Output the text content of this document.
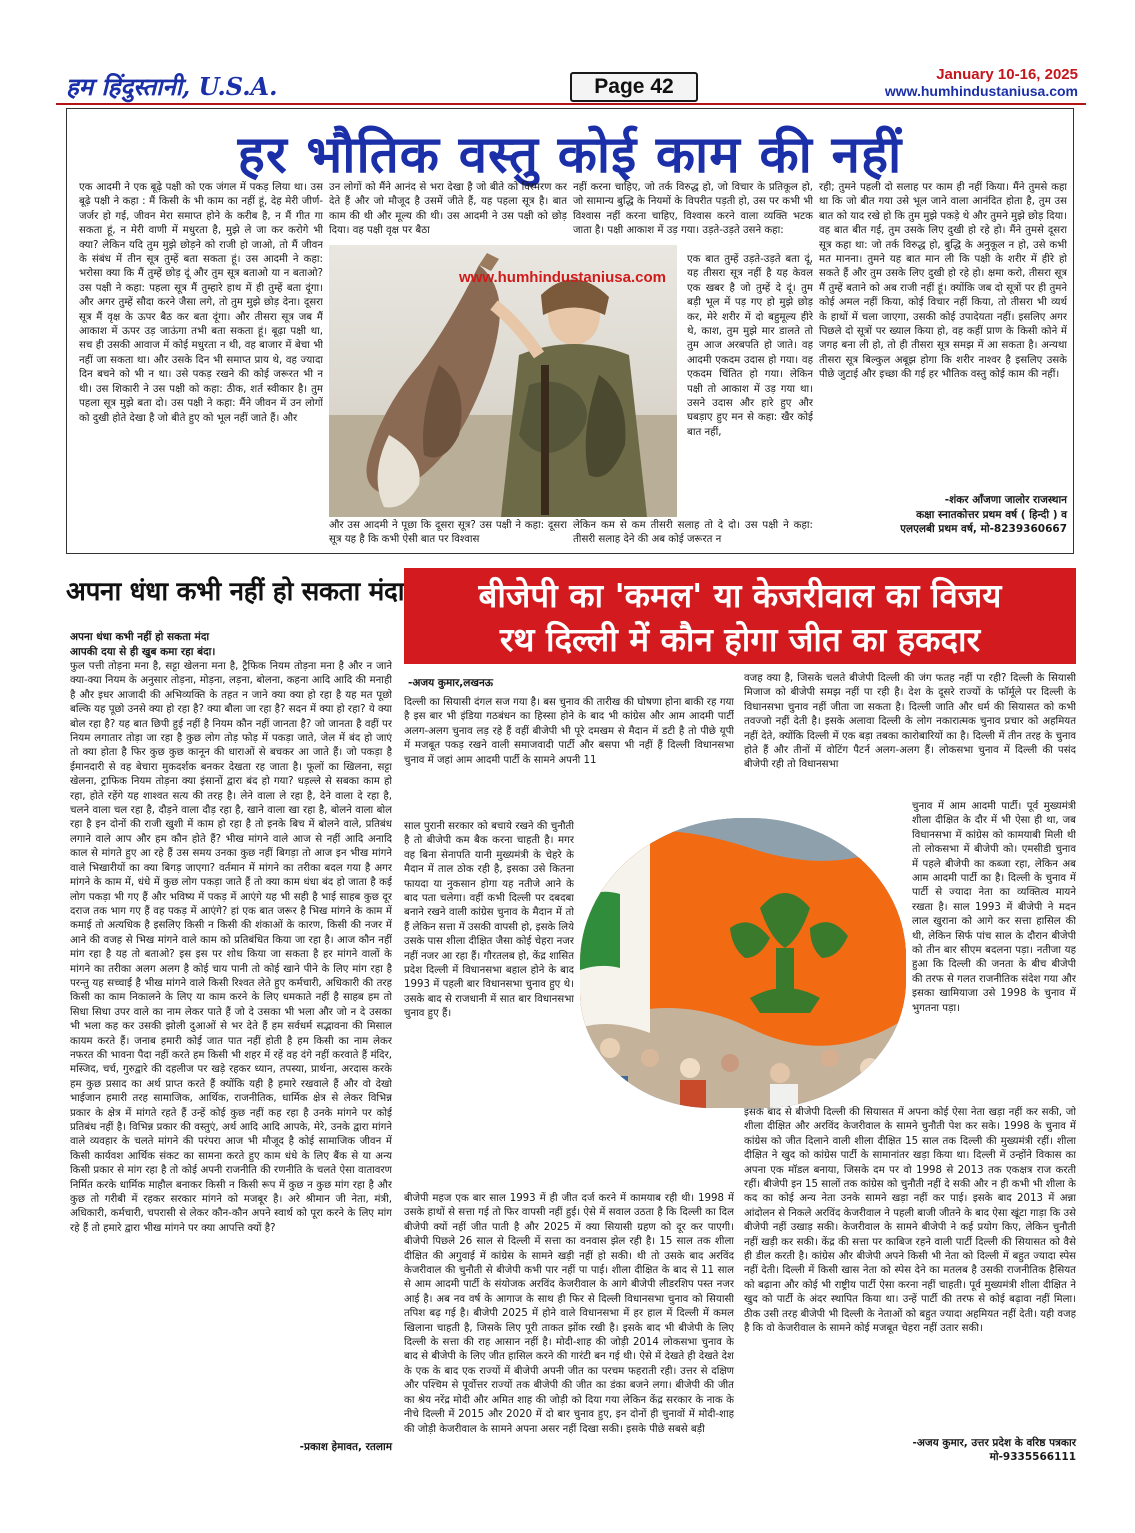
हम हिंदुस्तानी, U.S.A.	Page 42
January 10-16, 2025
www.humhindustaniusa.com
हर भौतिक वस्तु कोई काम की नहीं
एक आदमी ने एक बूढ़े पक्षी को एक जंगल में पकड़ लिया था। उस बूढ़े पक्षी ने कहा : मैं किसी के भी काम का नहीं हूं, देह मेरी जीर्ण-जर्जर हो गई, जीवन मेरा समाप्त होने के करीब है, न मैं गीत गा सकता हूं, न मेरी वाणी में मधुरता है, मुझे ले जा कर करोगे भी क्या? लेकिन यदि तुम मुझे छोड़ने को राजी हो जाओ, तो मैं जीवन के संबंध में तीन सूत्र तुम्हें बता सकता हूं। उस आदमी ने कहा: भरोसा क्या कि मैं तुम्हें छोड़ दूं और तुम सूत्र बताओ या न बताओ? उस पक्षी ने कहा: पहला सूत्र मैं तुम्हारे हाथ में ही तुम्हें बता दूंगा। और अगर तुम्हें सौदा करने जैसा लगे, तो तुम मुझे छोड़ देना। दूसरा सूत्र मैं वृक्ष के ऊपर बैठ कर बता दूंगा। और तीसरा सूत्र जब मैं आकाश में ऊपर उड़ जाऊंगा तभी बता सकता हूं। बूढ़ा पक्षी था, सच ही उसकी आवाज में कोई मधुरता न थी, वह बाजार में बेचा भी नहीं जा सकता था। और उसके दिन भी समाप्त प्राय थे, वह ज्यादा दिन बचने को भी न था। उसे पकड़ रखने की कोई जरूरत भी न थी। उस शिकारी ने उस पक्षी को कहा: ठीक, शर्त स्वीकार है। तुम पहला सूत्र मुझे बता दो। उस पक्षी ने कहा: मैंने जीवन में उन लोगों को दुखी होते देखा है जो बीते हुए को भूल नहीं जाते हैं। और
उन लोगों को मैंने आनंद से भरा देखा है जो बीते को विस्मरण कर देते हैं और जो मौजूद है उसमें जीते हैं, यह पहला सूत्र है। बात काम की थी और मूल्य की थी। उस आदमी ने उस पक्षी को छोड़ दिया। वह पक्षी वृक्ष पर बैठा
नहीं करना चाहिए, जो तर्क विरुद्ध हो, जो विचार के प्रतिकूल हो, जो सामान्य बुद्धि के नियमों के विपरीत पड़ती हो, उस पर कभी भी विश्वास नहीं करना चाहिए, विश्वास करने वाला व्यक्ति भटक जाता है। पक्षी आकाश में उड़ गया। उड़ते-उड़ते उसने कहा:
एक बात तुम्हें उड़ते-उड़ते बता दूं, यह तीसरा सूत्र नहीं है यह केवल एक खबर है जो तुम्हें दे दूं। तुम बड़ी भूल में पड़ गए हो मुझे छोड़ कर, मेरे शरीर में दो बहुमूल्य हीरे थे, काश, तुम मुझे मार डालते तो तुम आज अरबपति हो जाते। वह आदमी एकदम उदास हो गया। वह एकदम चिंतित हो गया। लेकिन पक्षी तो आकाश में उड़ गया था। उसने उदास और हारे हुए और घबड़ाए हुए मन से कहा: खैर कोई बात नहीं,
रही; तुमने पहली दो सलाह पर काम ही नहीं किया। मैंने तुमसे कहा था कि जो बीत गया उसे भूल जाने वाला आनंदित होता है, तुम उस बात को याद रखे हो कि तुम मुझे पकड़े थे और तुमने मुझे छोड़ दिया। वह बात बीत गई, तुम उसके लिए दुखी हो रहे हो। मैंने तुमसे दूसरा सूत्र कहा था: जो तर्क विरुद्ध हो, बुद्धि के अनुकूल न हो, उसे कभी मत मानना। तुमने यह बात मान ली कि पक्षी के शरीर में हीरे हो सकते हैं और तुम उसके लिए दुखी हो रहे हो। क्षमा करो, तीसरा सूत्र मैं तुम्हें बताने को अब राजी नहीं हूं। क्योंकि जब दो सूत्रों पर ही तुमने कोई अमल नहीं किया, कोई विचार नहीं किया, तो तीसरा भी व्यर्थ के हाथों में चला जाएगा, उसकी कोई उपादेयता नहीं। इसलिए अगर पिछले दो सूत्रों पर ख्याल किया हो, वह कहीं प्राण के किसी कोने में जगह बना ली हो, तो ही तीसरा सूत्र समझ में आ सकता है। अन्यथा तीसरा सूत्र बिल्कुल अबूझ होगा कि शरीर नाश्वर है इसलिए उसके पीछे जुटाई और इच्छा की गई हर भौतिक वस्तु कोई काम की नहीं।
और उस आदमी ने पूछा कि दूसरा सूत्र? उस पक्षी ने कहा: दूसरा सूत्र यह है कि कभी ऐसी बात पर विश्वास
लेकिन कम से कम तीसरी सलाह तो दे दो। उस पक्षी ने कहा: तीसरी सलाह देने की अब कोई जरूरत न
www.humhindustaniusa.com
-शंकर आँजणा जालोर राजस्थान
कक्षा स्नातकोत्तर प्रथम वर्ष ( हिन्दी ) व
एलएलबी प्रथम वर्ष, मो-8239360667
अपना धंधा कभी नहीं हो सकता मंदा
अपना धंधा कभी नहीं हो सकता मंदा
आपकी दया से ही खुब कमा रहा बंदा।
फुल पत्ती तोड़ना मना है, सट्टा खेलना मना है, ट्रैफिक नियम तोड़ना मना है और न जाने क्या-क्या नियम के अनुसार तोड़ना, मोड़ना, लड़ना, बोलना, कहना आदि आदि की मनाही है और इधर आजादी की अभिव्यक्ति के तहत न जाने क्या क्या हो रहा है यह मत पूछो बल्कि यह पूछो उनसे क्या हो रहा है? क्या बौला जा रहा है? सदन में क्या हो रहा? ये क्या बोल रहा है? यह बात छिपी हुई नहीं है नियम कौन नहीं जानता है? जो जानता है वहीं पर नियम लगातार तोड़ा जा रहा है कुछ लोग तोड़ फोड़ में पकड़ा जाते, जेल में बंद हो जाएं तो क्या होता है फिर कुछ कुछ कानून की धाराओं से बचकर आ जाते हैं। जो पकड़ा है ईमानदारी से वह बेचारा मुकदर्शक बनकर देखता रह जाता है। फूलों का खिलना, सट्टा खेलना, ट्राफिक नियम तोड़ना क्या इंसानों द्वारा बंद हो गया? धड़ल्ले से सबका काम हो रहा, होते रहेंगे यह शाश्वत सत्य की तरह है। लेने वाला ले रहा है, देने वाला दे रहा है, चलने वाला चल रहा है, दौड़ने वाला दौड़ रहा है, खाने वाला खा रहा है, बोलने वाला बोल रहा है इन दोनों की राजी खुशी में काम हो रहा है तो इनके बिच में बोलने वाले, प्रतिबंध लगाने वाले आप और हम कौन होते हैं? भीख मांगने वाले आज से नहीं आदि अनादि काल से मांगते हुए आ रहे हैं उस समय उनका कुछ नहीं बिगड़ा तो आज इन भीख मांगने वाले भिखारीयों का क्या बिगड़ जाएगा? वर्तमान में मांगने का तरीका बदल गया है अगर मांगने के काम में, धंधे में कुछ लोग पकड़ा जाते हैं तो क्या काम धंधा बंद हो जाता है कई लोग पकड़ा भी गए हैं और भविष्य में पकड़ में आएंगे यह भी सही है भाई साहब कुछ दूर दराज तक भाग गए हैं वह पकड़ में आएंगे? हां एक बात जरूर है भिख मांगने के काम में कमाई तो अत्यधिक है इसलिए किसी न किसी की शंकाओं के कारण, किसी की नजर में आने की वजह से भिख मांगने वाले काम को प्रतिबंधित किया जा रहा है। आज कौन नहीं मांग रहा है यह तो बताओ? इस इस पर शोध किया जा सकता है हर मांगने वालों के मांगने का तरीका अलग अलग है कोई चाय पानी तो कोई खाने पीने के लिए मांग रहा है परन्तु यह सच्चाई है भीख मांगने वाले किसी रिश्वत लेते हुए कर्मचारी, अधिकारी की तरह किसी का काम निकालने के लिए या काम करने के लिए धमकाते नहीं है साहब हम तो सिधा सिधा उपर वाले का नाम लेकर पाते हैं जो दे उसका भी भला और जो न दे उसका भी भला कह कर उसकी झोली दुआओं से भर देते हैं हम सर्वधर्म सद्भावना की मिसाल कायम करते हैं। जनाब हमारी कोई जात पात नहीं होती है हम किसी का नाम लेकर नफरत की भावना पैदा नहीं करते हम किसी भी शहर में रहें वह दंगे नहीं करवाते हैं मंदिर, मस्जिद, चर्च, गुरुद्वारे की दहलीज पर खड़े रहकर ध्यान, तपस्या, प्रार्थना, अरदास करके हम कुछ प्रसाद का अर्थ प्राप्त करते हैं क्योंकि यही है हमारे रखवाले हैं और वो देखो भाईजान हमारी तरह सामाजिक, आर्थिक, राजनीतिक, धार्मिक क्षेत्र से लेकर विभिन्न प्रकार के क्षेत्र में मांगते रहते हैं उन्हें कोई कुछ नहीं कह रहा है उनके मांगने पर कोई प्रतिबंध नहीं है। विभिन्न प्रकार की वस्तुएं, अर्थ आदि आदि आपके, मेरे, उनके द्वारा मांगने वाले व्यवहार के चलते मांगने की परंपरा आज भी मौजूद है कोई सामाजिक जीवन में किसी कार्यवश आर्थिक संकट का सामना करते हुए काम धंधे के लिए बैंक से या अन्य किसी प्रकार से मांग रहा है तो कोई अपनी राजनीति की रणनीति के चलते ऐसा वातावरण निर्मित करके धार्मिक माहौल बनाकर किसी न किसी रूप में कुछ न कुछ मांग रहा है और कुछ तो गरीबी में रहकर सरकार मांगने को मजबूर है। अरे श्रीमान जी नेता, मंत्री, अधिकारी, कर्मचारी, चपरासी से लेकर कौन-कौन अपने स्वार्थ को पूरा करने के लिए मांग रहे हैं तो हमारे द्वारा भीख मांगने पर क्या आपत्ति क्यों है?
-प्रकाश हेमावत, रतलाम
बीजेपी का 'कमल' या केजरीवाल का विजय
रथ दिल्ली में कौन होगा जीत का हकदार
-अजय कुमार,लखनऊ
दिल्ली का सियासी दंगल सज गया है। बस चुनाव की तारीख की घोषणा होना बाकी रह गया है इस बार भी इंडिया गठबंधन का हिस्सा होने के बाद भी कांग्रेस और आम आदमी पार्टी अलग-अलग चुनाव लड़ रहे हैं वहीं बीजेपी भी पूरे दमखम से मैदान में डटी है तो पीछे यूपी में मजबूत पकड़ रखने वाली समाजवादी पार्टी और बसपा भी नहीं हैं दिल्ली विधानसभा चुनाव में जहां आम आदमी पार्टी के सामने अपनी 11
साल पुरानी सरकार को बचाये रखने की चुनौती है तो बीजेपी कम बैक करना चाहती है। मगर वह बिना सेनापति यानी मुख्यमंत्री के चेहरे के मैदान में ताल ठोक रही है, इसका उसे कितना फायदा या नुकसान होगा यह नतीजे आने के बाद पता चलेगा। वहीं कभी दिल्ली पर दबदबा बनाने रखने वाली कांग्रेस चुनाव के मैदान में तो हैं लेकिन सत्ता में उसकी वापसी हो, इसके लिये उसके पास शीला दीक्षित जैसा कोई चेहरा नजर नहीं नजर आ रहा हैं। गौरतलब हो, केंद्र शासित प्रदेश दिल्ली में विधानसभा बहाल होने के बाद 1993 में पहली बार विधानसभा चुनाव हुए थे। उसके बाद से राजधानी में सात बार विधानसभा चुनाव हुए हैं।
बीजेपी महज एक बार साल 1993 में ही जीत दर्ज करने में कामयाब रही थी। 1998 में उसके हाथों से सत्ता गई तो फिर वापसी नहीं हुई। ऐसे में सवाल उठता है कि दिल्ली का दिल बीजेपी क्यों नहीं जीत पाती है और 2025 में क्या सियासी ग्रहण को दूर कर पाएगी। बीजेपी पिछले 26 साल से दिल्ली में सत्ता का वनवास झेल रही है। 15 साल तक शीला दीक्षित की अगुवाई में कांग्रेस के सामने खड़ी नहीं हो सकी। थी तो उसके बाद अरविंद केजरीवाल की चुनौती से बीजेपी कभी पार नहीं पा पाई। शीला दीक्षित के बाद से 11 साल से आम आदमी पार्टी के संयोजक अरविंद केजरीवाल के आगे बीजेपी लीडरशिप पस्त नजर आई है। अब नव वर्ष के आगाज के साथ ही फिर से दिल्ली विधानसभा चुनाव को सियासी तपिश बढ़ गई है। बीजेपी 2025 में होने वाले विधानसभा में हर हाल में दिल्ली में कमल खिलाना चाहती है, जिसके लिए पूरी ताकत झोंक रखी है। इसके बाद भी बीजेपी के लिए दिल्ली के सत्ता की राह आसान नहीं है। मोदी-शाह की जोड़ी 2014 लोकसभा चुनाव के बाद से बीजेपी के लिए जीत हासिल करने की गारंटी बन गई थी। ऐसे में देखते ही देखते देश के एक के बाद एक राज्यों में बीजेपी अपनी जीत का परचम फहराती रही। उत्तर से दक्षिण और पश्चिम से पूर्वोत्तर राज्यों तक बीजेपी की जीत का डंका बजने लगा। बीजेपी की जीत का श्रेय नरेंद्र मोदी और अमित शाह की जोड़ी को दिया गया लेकिन केंद्र सरकार के नाक के नीचे दिल्ली में 2015 और 2020 में दो बार चुनाव हुए, इन दोनों ही चुनावों में मोदी-शाह की जोड़ी केजरीवाल के सामने अपना असर नहीं दिखा सकी। इसके पीछे सबसे बड़ी
वजह क्या है, जिसके चलते बीजेपी दिल्ली की जंग फतह नहीं पा रही? दिल्ली के सियासी मिजाज को बीजेपी समझ नहीं पा रही है। देश के दूसरे राज्यों के फॉर्मूले पर दिल्ली के विधानसभा चुनाव नहीं जीता जा सकता है। दिल्ली जाति और धर्म की सियासत को कभी तवज्जो नहीं देती है। इसके अलावा दिल्ली के लोग नकारात्मक चुनाव प्रचार को अहमियत नहीं देते, क्योंकि दिल्ली में एक बड़ा तबका कारोबारियों का है। दिल्ली में तीन तरह के चुनाव होते हैं और तीनों में वोटिंग पैटर्न अलग-अलग हैं। लोकसभा चुनाव में दिल्ली की पसंद बीजेपी रही तो विधानसभा
चुनाव में आम आदमी पार्टी। पूर्व मुख्यमंत्री शीला दीक्षित के दौर में भी ऐसा ही था, जब विधानसभा में कांग्रेस को कामयाबी मिली थी तो लोकसभा में बीजेपी को। एमसीडी चुनाव में पहले बीजेपी का कब्जा रहा, लेकिन अब आम आदमी पार्टी का है। दिल्ली के चुनाव में पार्टी से ज्यादा नेता का व्यक्तित्व मायने रखता है। साल 1993 में बीजेपी ने मदन लाल खुराना को आगे कर सत्ता हासिल की थी, लेकिन सिर्फ पांच साल के दौरान बीजेपी को तीन बार सीएम बदलना पड़ा। नतीजा यह हुआ कि दिल्ली की जनता के बीच बीजेपी की तरफ से गलत राजनीतिक संदेश गया और इसका खामियाजा उसे 1998 के चुनाव में भुगतना पड़ा।
इसके बाद से बीजेपी दिल्ली की सियासत में अपना कोई ऐसा नेता खड़ा नहीं कर सकी, जो शीला दीक्षित और अरविंद केजरीवाल के सामने चुनौती पेश कर सके। 1998 के चुनाव में कांग्रेस को जीत दिलाने वाली शीला दीक्षित 15 साल तक दिल्ली की मुख्यमंत्री रहीं। शीला दीक्षित ने खुद को कांग्रेस पार्टी के सामानांतर खड़ा किया था। दिल्ली में उन्होंने विकास का अपना एक मॉडल बनाया, जिसके दम पर वो 1998 से 2013 तक एकक्षत्र राज करती रहीं। बीजेपी इन 15 सालों तक कांग्रेस को चुनौती नहीं दे सकी और न ही कभी भी शीला के कद का कोई अन्य नेता उनके सामने खड़ा नहीं कर पाई। इसके बाद 2013 में अन्ना आंदोलन से निकले अरविंद केजरीवाल ने पहली बाजी जीतने के बाद ऐसा खूंटा गाड़ा कि उसे बीजेपी नहीं उखाड़ सकी। केजरीवाल के सामने बीजेपी ने कई प्रयोग किए, लेकिन चुनौती नहीं खड़ी कर सकी। केंद्र की सत्ता पर काबिज रहने वाली पार्टी दिल्ली की सियासत को वैसे ही डील करती है। कांग्रेस और बीजेपी अपने किसी भी नेता को दिल्ली में बहुत ज्यादा स्पेस नहीं देती। दिल्ली में किसी खास नेता को स्पेस देने का मतलब है उसकी राजनीतिक हैसियत को बढ़ाना और कोई भी राष्ट्रीय पार्टी ऐसा करना नहीं चाहती। पूर्व मुख्यमंत्री शीला दीक्षित ने खुद को पार्टी के अंदर स्थापित किया था। उन्हें पार्टी की तरफ से कोई बढ़ावा नहीं मिला। ठीक उसी तरह बीजेपी भी दिल्ली के नेताओं को बहुत ज्यादा अहमियत नहीं देती। यही वजह है कि वो केजरीवाल के सामने कोई मजबूत चेहरा नहीं उतार सकी।
-अजय कुमार, उत्तर प्रदेश के वरिष्ठ पत्रकार
मो-9335566111
